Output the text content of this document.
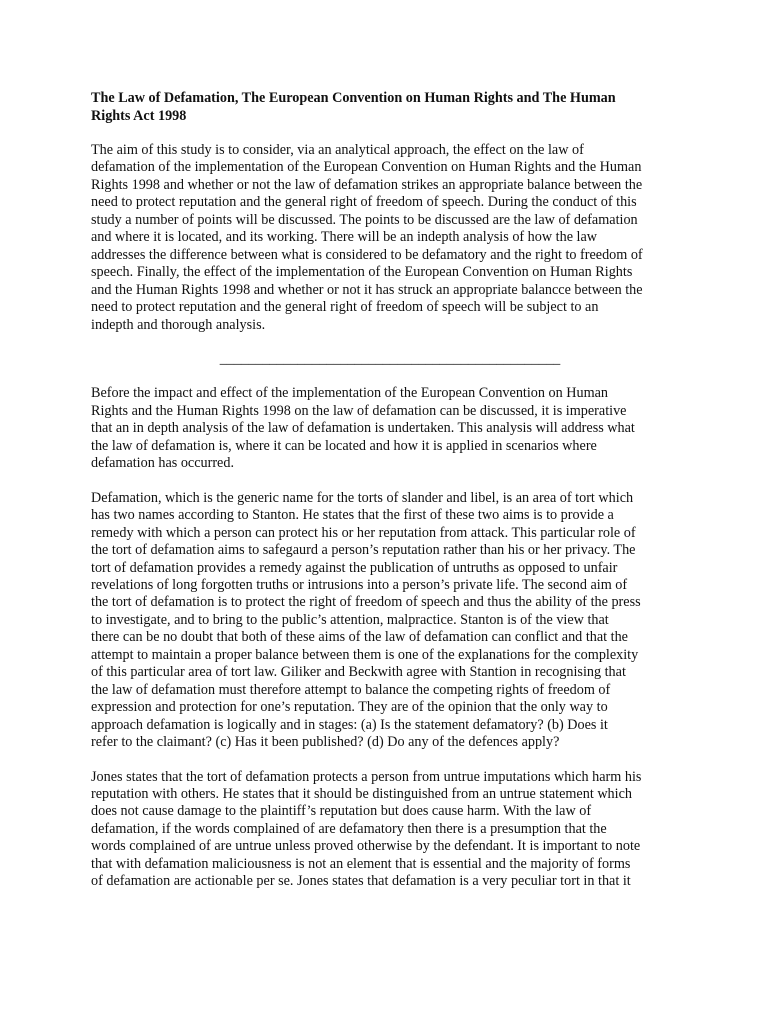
The Law of Defamation, The European Convention on Human Rights and The Human
Rights Act 1998
The aim of this study is to consider, via an analytical approach, the effect on the law of
defamation of the implementation of the European Convention on Human Rights and the Human
Rights 1998 and whether or not the law of defamation strikes an appropriate balance between the
need to protect reputation and the general right of freedom of speech. During the conduct of this
study a number of points will be discussed. The points to be discussed are the law of defamation
and where it is located, and its working. There will be an indepth analysis of how the law
addresses the difference between what is considered to be defamatory and the right to freedom of
speech. Finally, the effect of the implementation of the European Convention on Human Rights
and the Human Rights 1998 and whether or not it has struck an appropriate balancce between the
need to protect reputation and the general right of freedom of speech will be subject to an
indepth and thorough analysis.
________________________________________________
Before the impact and effect of the implementation of the European Convention on Human
Rights and the Human Rights 1998 on the law of defamation can be discussed, it is imperative
that an in depth analysis of the law of defamation is undertaken. This analysis will address what
the law of defamation is, where it can be located and how it is applied in scenarios where
defamation has occurred.
Defamation, which is the generic name for the torts of slander and libel, is an area of tort which
has two names according to Stanton. He states that the first of these two aims is to provide a
remedy with which a person can protect his or her reputation from attack. This particular role of
the tort of defamation aims to safegaurd a person’s reputation rather than his or her privacy. The
tort of defamation provides a remedy against the publication of untruths as opposed to unfair
revelations of long forgotten truths or intrusions into a person’s private life. The second aim of
the tort of defamation is to protect the right of freedom of speech and thus the ability of the press
to investigate, and to bring to the public’s attention, malpractice. Stanton is of the view that
there can be no doubt that both of these aims of the law of defamation can conflict and that the
attempt to maintain a proper balance between them is one of the explanations for the complexity
of this particular area of tort law. Giliker and Beckwith agree with Stantion in recognising that
the law of defamation must therefore attempt to balance the competing rights of freedom of
expression and protection for one’s reputation. They are of the opinion that the only way to
approach defamation is logically and in stages: (a) Is the statement defamatory? (b) Does it
refer to the claimant? (c) Has it been published? (d) Do any of the defences apply?
Jones states that the tort of defamation protects a person from untrue imputations which harm his
reputation with others. He states that it should be distinguished from an untrue statement which
does not cause damage to the plaintiff’s reputation but does cause harm. With the law of
defamation, if the words complained of are defamatory then there is a presumption that the
words complained of are untrue unless proved otherwise by the defendant. It is important to note
that with defamation maliciousness is not an element that is essential and the majority of forms
of defamation are actionable per se. Jones states that defamation is a very peculiar tort in that it
